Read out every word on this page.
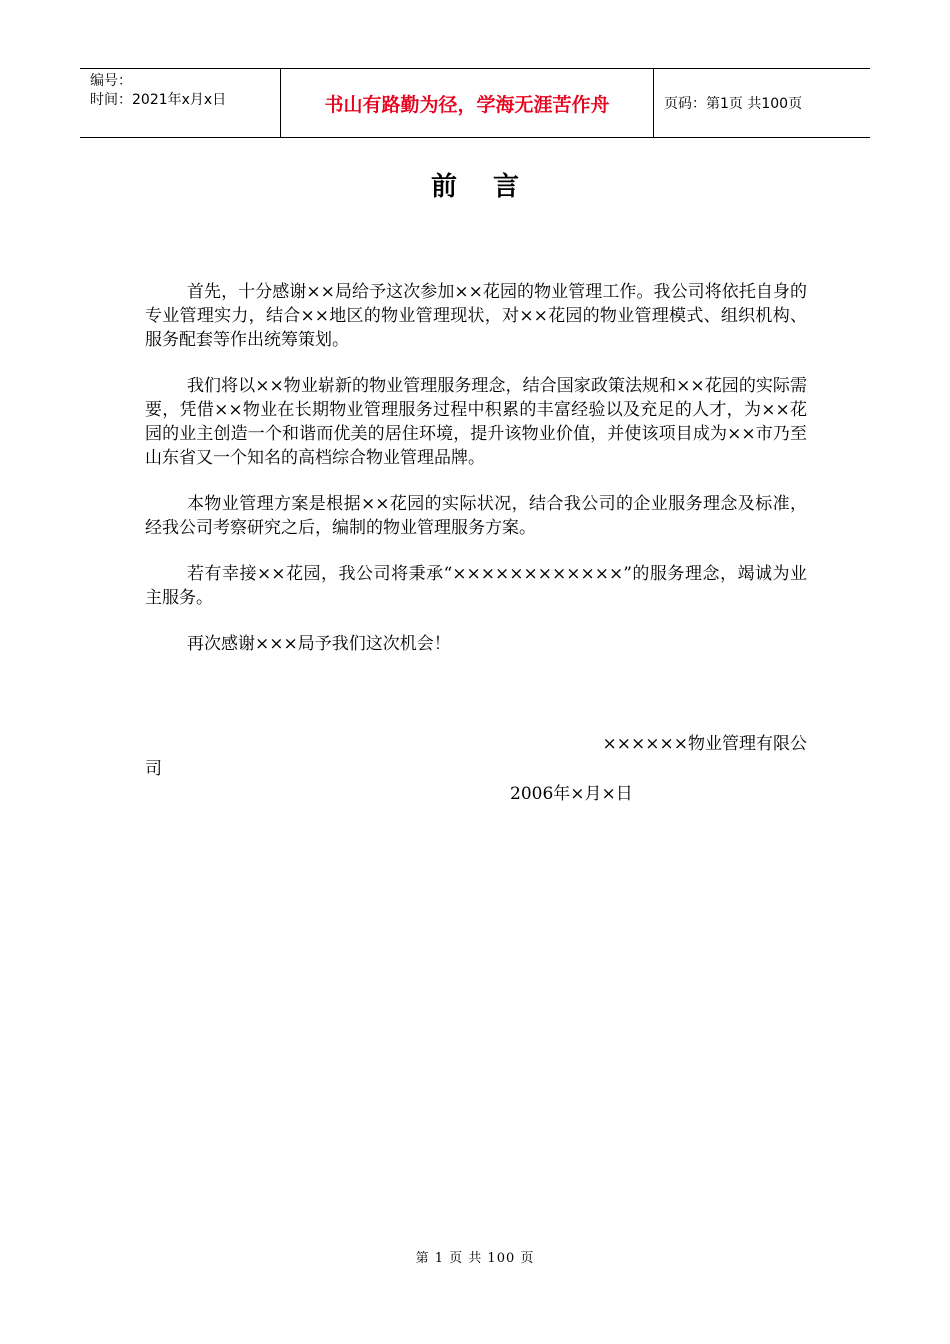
编号：
时间：2021年x月x日	书山有路勤为径，学海无涯苦作舟	页码：第1页 共100页
前言

首先，十分感谢××局给予这次参加××花园的物业管理工作。我公司将依托自身的专业管理实力，结合××地区的物业管理现状，对××花园的物业管理模式、组织机构、服务配套等作出统筹策划。

我们将以××物业崭新的物业管理服务理念，结合国家政策法规和××花园的实际需要，凭借××物业在长期物业管理服务过程中积累的丰富经验以及充足的人才，为××花园的业主创造一个和谐而优美的居住环境，提升该物业价值，并使该项目成为××市乃至山东省又一个知名的高档综合物业管理品牌。

本物业管理方案是根据××花园的实际状况，结合我公司的企业服务理念及标准，经我公司考察研究之后，编制的物业管理服务方案。

若有幸接××花园，我公司将秉承“××××××××××××”的服务理念，竭诚为业主服务。

再次感谢×××局予我们这次机会！

××××××物业管理有限公
司
2006年×月×日
第 1 页 共 100 页
